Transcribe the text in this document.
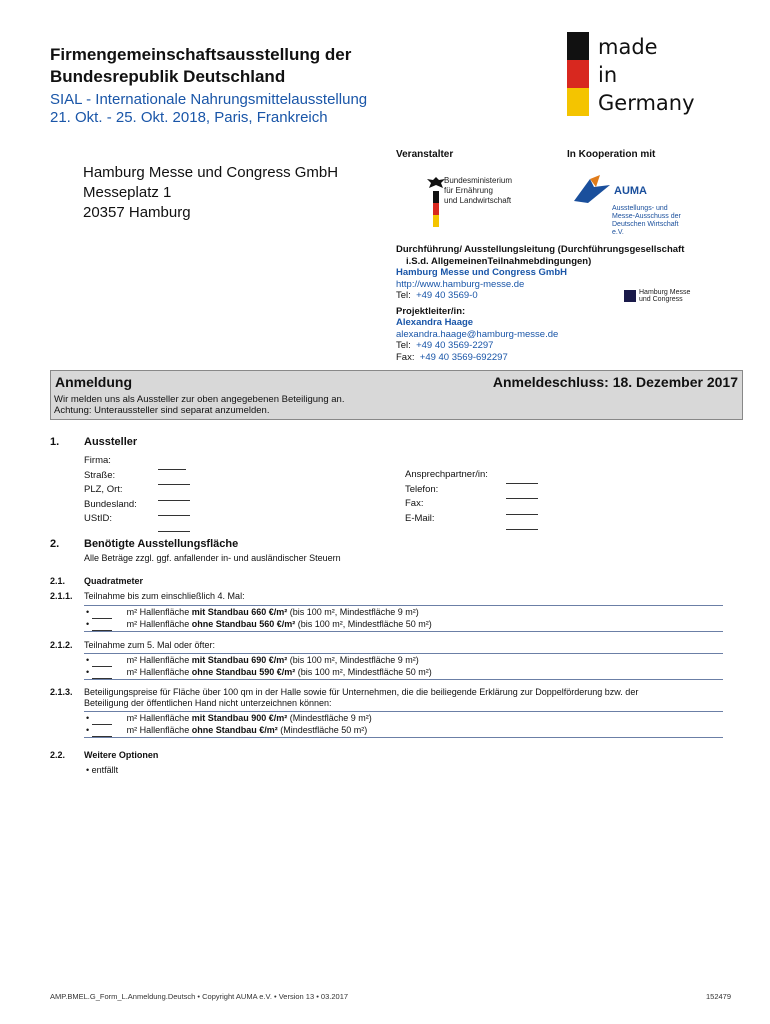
Firmengemeinschaftsausstellung der Bundesrepublik Deutschland
SIAL - Internationale Nahrungsmittelausstellung
21. Okt. - 25. Okt. 2018, Paris, Frankreich
made
in
Germany
Veranstalter	In Kooperation mit
Hamburg Messe und Congress GmbH
Messeplatz 1
20357 Hamburg
Bundesministerium
für Ernährung
und Landwirtschaft
AUMA
Ausstellungs- und
Messe-Ausschuss der
Deutschen Wirtschaft e.V.
Durchführung/ Ausstellungsleitung (Durchführungsgesellschaft
i.S.d. AllgemeinenTeilnahmebdingungen)
Hamburg Messe und Congress GmbH
http://www.hamburg-messe.de
Tel: +49 40 3569-0
Projektleiter/in:
Alexandra Haage
alexandra.haage@hamburg-messe.de
Tel: +49 40 3569-2297
Fax: +49 40 3569-692297
Hamburg Messe
und Congress
Anmeldung	Anmeldeschluss: 18. Dezember 2017
Wir melden uns als Aussteller zur oben angegebenen Beteiligung an.
Achtung: Unteraussteller sind separat anzumelden.
1. Aussteller
Firma:
Straße:
PLZ, Ort:
Bundesland:
UStID:

Ansprechpartner/in:
Telefon:
Fax:
E-Mail:

2. Benötigte Ausstellungsfläche
Alle Beträge zzgl. ggf. anfallender in- und ausländischer Steuern
2.1. Quadratmeter
2.1.1. Teilnahme bis zum einschließlich 4. Mal:
•	m² Hallenfläche mit Standbau 660 €/m² (bis 100 m², Mindestfläche 9 m²)
•	m² Hallenfläche ohne Standbau 560 €/m² (bis 100 m², Mindestfläche 50 m²)
2.1.2. Teilnahme zum 5. Mal oder öfter:
•	m² Hallenfläche mit Standbau 690 €/m² (bis 100 m², Mindestfläche 9 m²)
•	m² Hallenfläche ohne Standbau 590 €/m² (bis 100 m², Mindestfläche 50 m²)
2.1.3. Beteiligungspreise für Fläche über 100 qm in der Halle sowie für Unternehmen, die die beiliegende Erklärung zur Doppelförderung bzw. der
Beteiligung der öffentlichen Hand nicht unterzeichnen können:
•	m² Hallenfläche mit Standbau 900 €/m² (Mindestfläche 9 m²)
•	m² Hallenfläche ohne Standbau €/m² (Mindestfläche 50 m²)
2.2. Weitere Optionen
• entfällt
AMP.BMEL.G_Form_L.Anmeldung.Deutsch • Copyright AUMA e.V. • Version 13 • 03.2017	152479
